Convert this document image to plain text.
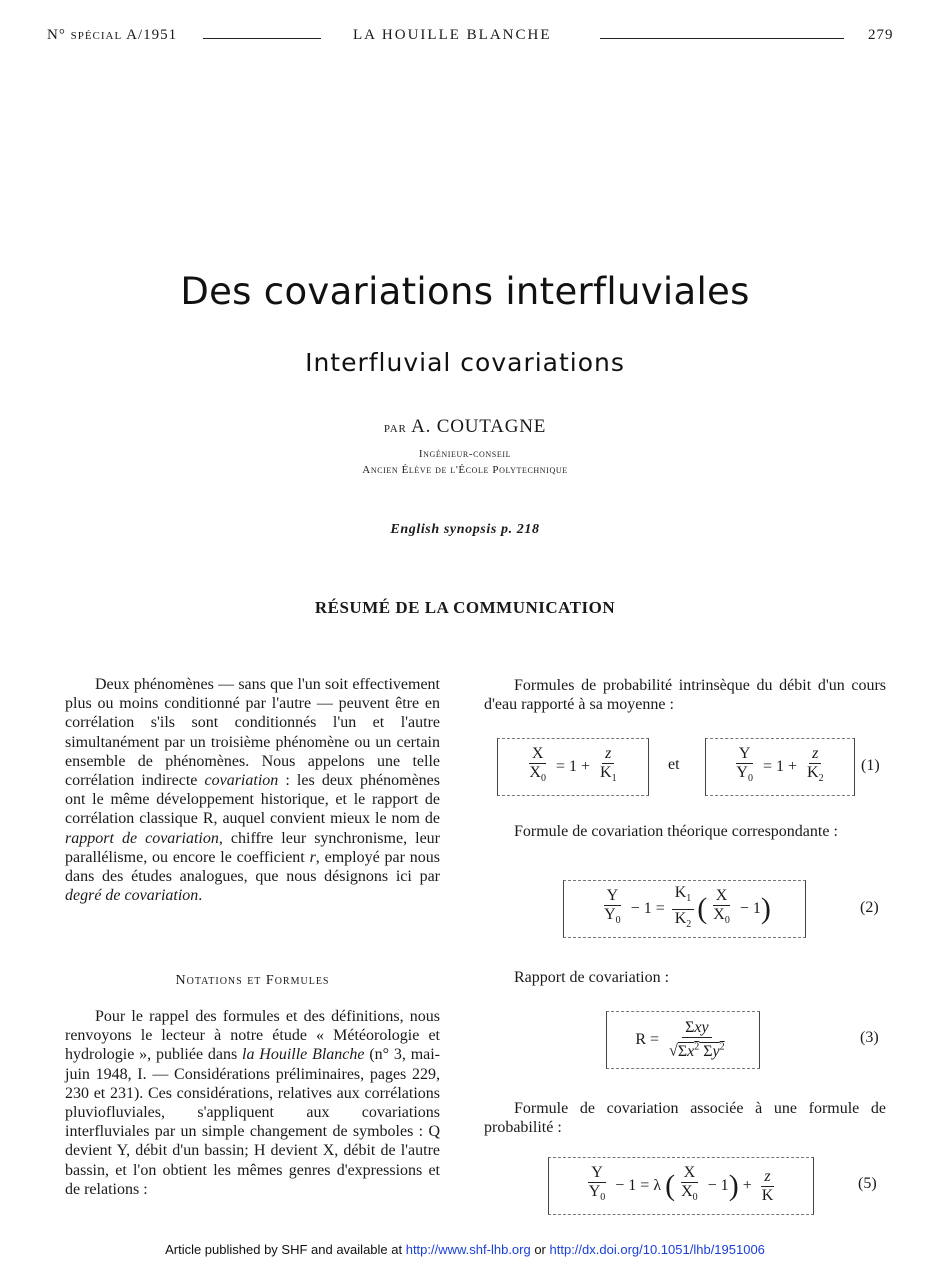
N° spécial A/1951	LA HOUILLE BLANCHE	279
Des covariations interfluviales
Interfluvial covariations
par A. COUTAGNE
Ingénieur-conseil
Ancien Élève de l'École Polytechnique
English synopsis p. 218
RÉSUMÉ DE LA COMMUNICATION

Deux phénomènes — sans que l'un soit effectivement plus ou moins conditionné par l'autre — peuvent être en corrélation s'ils sont conditionnés l'un et l'autre simultanément par un troisième phénomène ou un certain ensemble de phénomènes. Nous appelons une telle corrélation indirecte covariation : les deux phénomènes ont le même développement historique, et le rapport de corrélation classique R, auquel convient mieux le nom de rapport de covariation, chiffre leur synchronisme, leur parallélisme, ou encore le coefficient r, employé par nous dans des études analogues, que nous désignons ici par degré de covariation.

Notations et Formules

Pour le rappel des formules et des définitions, nous renvoyons le lecteur à notre étude « Météorologie et hydrologie », publiée dans la Houille Blanche (n° 3, mai-juin 1948, I. — Considérations préliminaires, pages 229, 230 et 231). Ces considérations, relatives aux corrélations pluviofluviales, s'appliquent aux covariations interfluviales par un simple changement de symboles : Q devient Y, débit d'un bassin; H devient X, débit de l'autre bassin, et l'on obtient les mêmes genres d'expressions et de relations :

Formules de probabilité intrinsèque du débit d'un cours d'eau rapporté à sa moyenne :

$\frac{X}{X_0} = 1 + \frac{z}{K_1}$	et	$\frac{Y}{Y_0} = 1 + \frac{z}{K_2} (1)$

Formule de covariation théorique correspondante :

$\frac{Y}{Y_0} - 1 = \frac{K_1}{K_2}$ ( $\frac{X}{X_0} - 1$ )	(2)

Rapport de covariation :

$R = \frac{\text{Σxy}}{√\Sigma x^2 \Sigma y^2}$	(3)

Formule de covariation associée à une formule de probabilité :

$\frac{Y}{Y_0} - 1 = \lambda$ ( $\frac{X}{X_0} - 1$ ) + $\frac{z}{K}$	(5)
Article published by SHF and available at http://www.shf-lhb.org or http://dx.doi.org/10.1051/lhb/1951006
